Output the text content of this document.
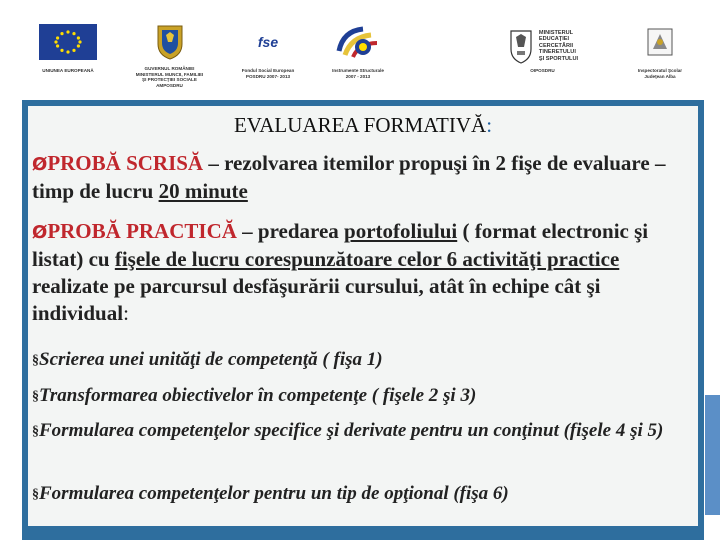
UNIUNEA EUROPEANĂ	GUVERNUL ROMÂNIEI
MINISTERUL MUNCII, FAMILIEI
ŞI PROTECŢIEI SOCIALE
AMPOSDRU
fse
Fondul Social European
POSDRU 2007- 2013
Instrumente Structurale
2007 - 2013
MINISTERUL
EDUCAŢIEI
CERCETĂRII
TINERETULUI
ŞI SPORTULUI
OIPOSDRU	Inspectoratul Şcolar
Judeţean Alba
EVALUAREA FORMATIVĂ:
ØPROBĂ SCRISĂ – rezolvarea itemilor propuşi în 2 fişe de evaluare – timp de lucru 20 minute
ØPROBĂ PRACTICĂ – predarea portofoliului ( format electronic şi listat) cu fişele de lucru corespunzătoare celor 6 activităţi practice realizate pe parcursul desfăşurării cursului, atât în echipe cât şi individual:
§Scrierea unei unităţi de competenţă ( fişa 1)
§Transformarea obiectivelor în competenţe ( fişele 2 şi 3)
§Formularea competenţelor specifice şi derivate pentru un conţinut (fişele 4 şi 5)
§Formularea competenţelor pentru un tip de opţional (fişa 6)
